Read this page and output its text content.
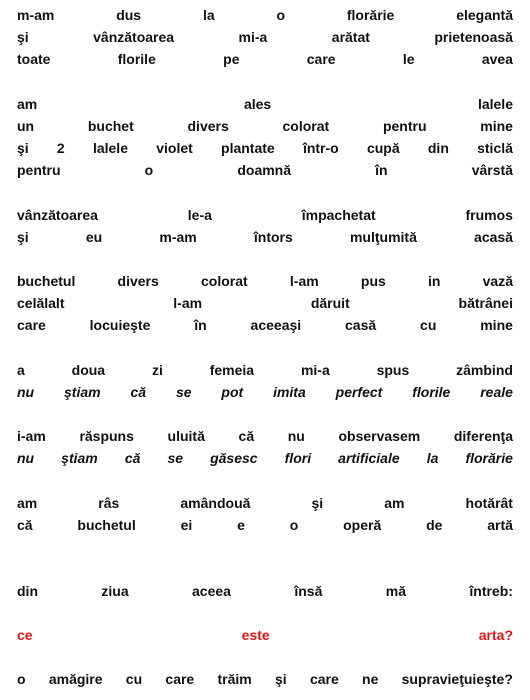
m-am	dus	la	o	florărie	elegantă
şi	vânzătoarea	mi-a	arătat	prietenoasă
toate	florile	pe	care	le	avea
am	ales	lalele
un	buchet	divers	colorat	pentru	mine
şi 2 lalele violet plantate într-o cupă din sticlă
pentru	o	doamnă	în	vârstă
vânzătoarea	le-a	împachetat	frumos
şi	eu	m-am	întors	mulţumită	acasă
buchetul	divers	colorat	l-am	pus	in	vază
celălalt	l-am	dăruit	bătrânei
care	locuieşte	în	aceeaşi	casă	cu	mine
a	doua	zi	femeia	mi-a	spus	zâmbind
nu ştiam că se pot imita perfect florile reale
i-am răspuns uluită că nu observasem diferenţa
nu ştiam că se găsesc flori artificiale la florărie
am	râs	amândouă	şi	am	hotărât
că	buchetul	ei	e	o	operă	de	artă
din	ziua	aceea	însă	mă	întreb:
ce	este	arta?
o amăgire cu care trăim şi care ne supravieţuieşte?
